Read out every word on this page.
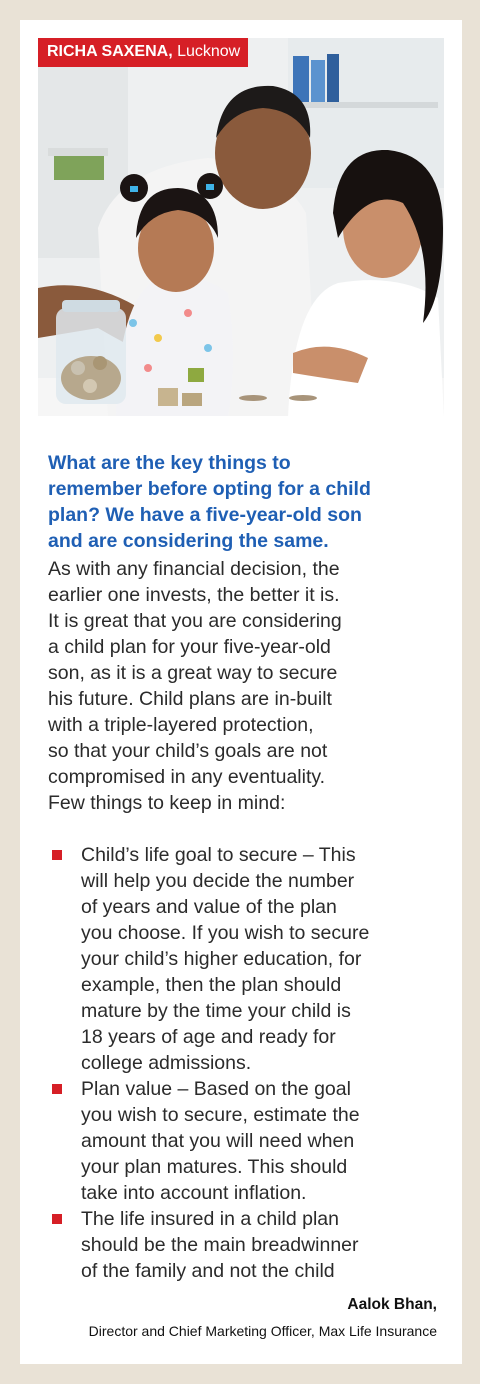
RICHA SAXENA, Lucknow
What are the key things to
remember before opting for a child
plan? We have a five-year-old son
and are considering the same.
As with any financial decision, the
earlier one invests, the better it is.
It is great that you are considering
a child plan for your five-year-old
son, as it is a great way to secure
his future. Child plans are in-built
with a triple-layered protection,
so that your child’s goals are not
compromised in any eventuality.
Few things to keep in mind:
Child’s life goal to secure – This
will help you decide the number
of years and value of the plan
you choose. If you wish to secure
your child’s higher education, for
example, then the plan should
mature by the time your child is
18 years of age and ready for
college admissions.
Plan value – Based on the goal
you wish to secure, estimate the
amount that you will need when
your plan matures. This should
take into account inflation.
The life insured in a child plan
should be the main breadwinner
of the family and not the child
Aalok Bhan,
Director and Chief Marketing Officer, Max Life Insurance
